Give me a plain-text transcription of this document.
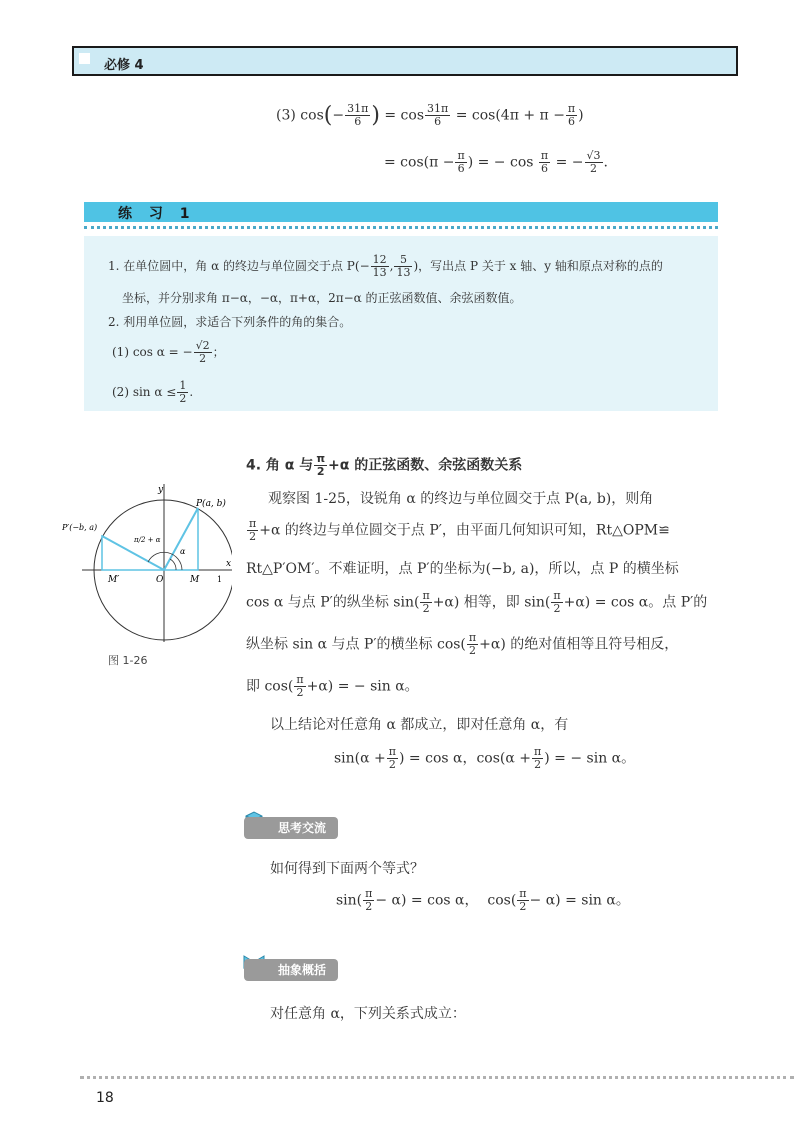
必修 4
(3) $\cos(- \frac{31\pi}{6}$ ) = $\cos \frac{31\pi}{6} = \cos(4\pi + \pi - \frac{\pi}{6}$ )
= $\cos(\pi - \frac{\pi}{6}$ ) = − $\cos \frac{\pi}{6}$ = − $\frac{√3}{2}$ .
练 习 1
1. 在单位圆中，角 α 的终边与单位圆交于点 $P(- \frac{12}{13}$ , $\frac{5}{13}$ )，写出点 P 关于 x 轴、y 轴和原点对称的点的
坐标，并分别求角 π−α，−α，π+α，2π−α 的正弦函数值、余弦函数值。
2. 利用单位圆，求适合下列条件的角的集合。
(1) cos α = − $\frac{√2}{2}$ ；
(2) $\sin \alpha \le \frac{1}{2}$ .
4. 角 α 与 $\frac{\pi}{2} +\alpha$ 的正弦函数、余弦函数关系
y
x
1
P(a, b)
P′(−b, a)
O	M
M′
α
π/2 + α
图 1-26
观察图 1-25，设锐角 α 的终边与单位圆交于点 P(a, b)，则角
$\frac{\pi}{2} +\alpha$ 的终边与单位圆交于点 P′，由平面几何知识可知，Rt△OPM≌
Rt△P′OM′。不难证明，点 P′的坐标为(−b, a)，所以，点 P 的横坐标
cos α 与点 P′的纵坐标 $\sin( \frac{\pi}{2} +\alpha)$ 相等，即 $\sin( \frac{\pi}{2} +\alpha) = \cos \alpha$。点 P′的
纵坐标 sin α 与点 P′的横坐标 $\cos( \frac{\pi}{2} +\alpha)$ 的绝对值相等且符号相反，
即 $\cos( \frac{\pi}{2} +\alpha)$ = − sin α。
以上结论对任意角 α 都成立，即对任意角 α，有
$\sin(\alpha + \frac{\pi}{2}$ ) = cos α，$\cos(\alpha + \frac{\pi}{2}$ ) = − sin α。
思考交流
如何得到下面两个等式？
$\sin( \frac{\pi}{2} - \alpha) = \cos \alpha$， $\cos( \frac{\pi}{2} - \alpha) = \sin \alpha$。
抽象概括
对任意角 α，下列关系式成立：
18
